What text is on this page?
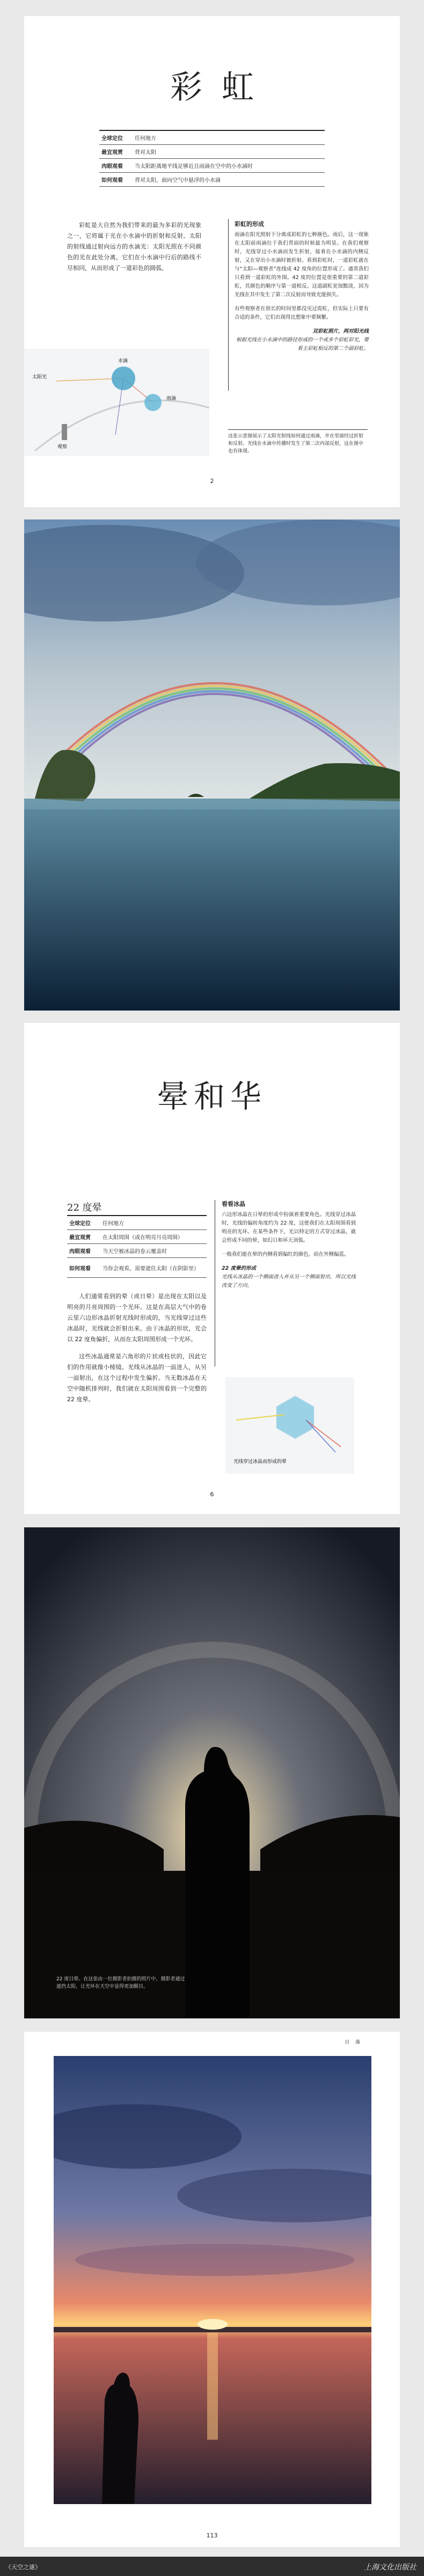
彩虹
全球定位	任何地方
最宜观赏	背对太阳
肉眼观看	当太阳距离地平线足够近且雨滴在空中的小水滴时
如何观看	背对太阳，面向空气中悬浮的小水滴

彩虹是大自然为我们带来的最为多彩的光现象之一，它将属于光在小水滴中的折射和反射。太阳的射线通过射向远方的水滴光：太阳光照在不同颜色的光在此处分离，它们在小水滴中行后的路线不尽相同，从而形成了一道彩色的圆弧。

太阳光
水滴
雨滴
观察
彩虹的形成

雨滴在阳光照射下分离成彩虹的七种颜色。雨后，这一现象在太阳前雨滴位于我们背面的时候最为明显。在我们观察时，光线穿过小水滴而发生折射，接着在小水滴的内侧反射，又在穿出小水滴时被折射。看到彩虹时，一道彩虹就在与“太阳—观察者”连线成 42 度角的位置形成了。通常我们只看到一道彩虹的外围。42 度的位置是很重要的第二道彩虹，其颜色的顺序与第一道相反。这道副虹更加黯淡，因为光线在其中发生了第二次反射而导致光能损失。

有些观察者在很长的时间里都没见过霓虹，但实际上只要有合适的条件，它们出现得比想象中要频繁。

双彩虹照片，两对阳光线
根据光线在小水滴中的路径形成的一个或多个彩虹彩光，要看主彩虹相反的第二个副彩虹。
这张示意图展示了太阳光射线如何通过雨滴，并在里面经过折射和反射。光线在水滴中传播时发生了第二次内部反射，这在图中也有体现。
2
晕和华
22 度晕
全球定位	任何地方
最宜观赏	在太阳周围（或在明亮月亮周围）
肉眼观看	当天空被冰晶的卷云覆盖时
如何观看	当你会观看，需要遮住太阳（在阴影里）

人们通常看到的晕（或日晕）是出现在太阳以及明亮的月亮周围的一个光环。这是在高层大气中的卷云里六边形冰晶折射光线时形成的，当光线穿过这些冰晶时，光线就会折射出来。由于冰晶的形状，光会以 22 度角偏折，从而在太阳周围形成一个光环。

这些冰晶通常是六角形的片状或柱状的，因此它们的作用就像小棱镜。光线从冰晶的一面进入，从另一面射出，在这个过程中发生偏折。当无数冰晶在天空中随机排列时，我们就在太阳周围看到一个完整的 22 度晕。

看看冰晶

六边形冰晶在日晕的形成中扮演着重要角色。光线穿过冰晶时，光线的偏转角度约为 22 度，这使我们在太阳周围看到明亮的光环。在某些条件下，光以特定的方式穿过冰晶，就会形成不同的晕，如幻日和环天顶弧。

一般我们能在晕的内侧看到偏红的颜色，而在外侧偏蓝。

22 度晕的形成
光线从冰晶的一个侧面进入并从另一个侧面射出，所以光线改变了方向。
光线穿过冰晶而形成的晕
6
22 度日晕。在这张由一位摄影者拍摄的照片中，摄影者通过遮挡太阳，让光环在天空中显得更加醒目。
日 落
113
《天空之谜》	上海文化出版社
